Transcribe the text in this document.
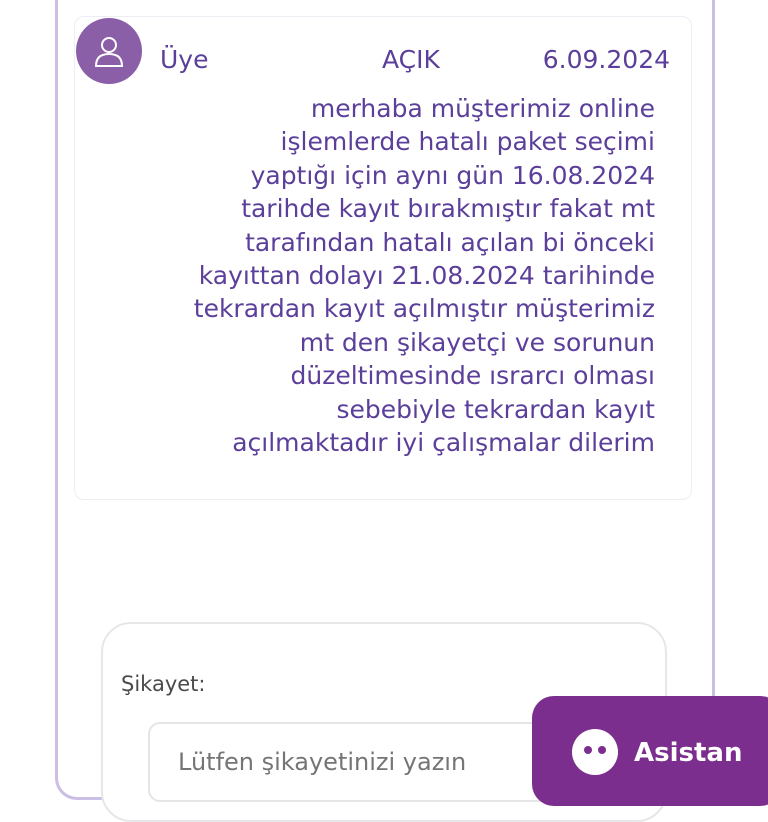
Üye	AÇIK	6.09.2024
merhaba müşterimiz online
işlemlerde hatalı paket seçimi
yaptığı için aynı gün 16.08.2024
tarihde kayıt bırakmıştır fakat mt
tarafından hatalı açılan bi önceki
kayıttan dolayı 21.08.2024 tarihinde
tekrardan kayıt açılmıştır müşterimiz
mt den şikayetçi ve sorunun
düzeltimesinde ısrarcı olması
sebebiyle tekrardan kayıt
açılmaktadır iyi çalışmalar dilerim
Şikayet:
Lütfen şikayetinizi yazın
Asistan
